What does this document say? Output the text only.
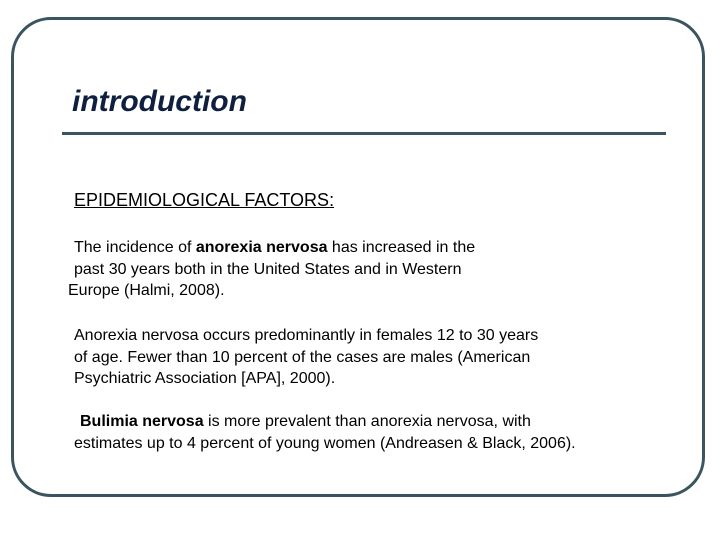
introduction

EPIDEMIOLOGICAL FACTORS:

The incidence of anorexia nervosa has increased in the
past 30 years both in the United States and in Western
Europe (Halmi, 2008).

Anorexia nervosa occurs predominantly in females 12 to 30 years
of age. Fewer than 10 percent of the cases are males (American
Psychiatric Association [APA], 2000).

Bulimia nervosa is more prevalent than anorexia nervosa, with
estimates up to 4 percent of young women (Andreasen & Black, 2006).
